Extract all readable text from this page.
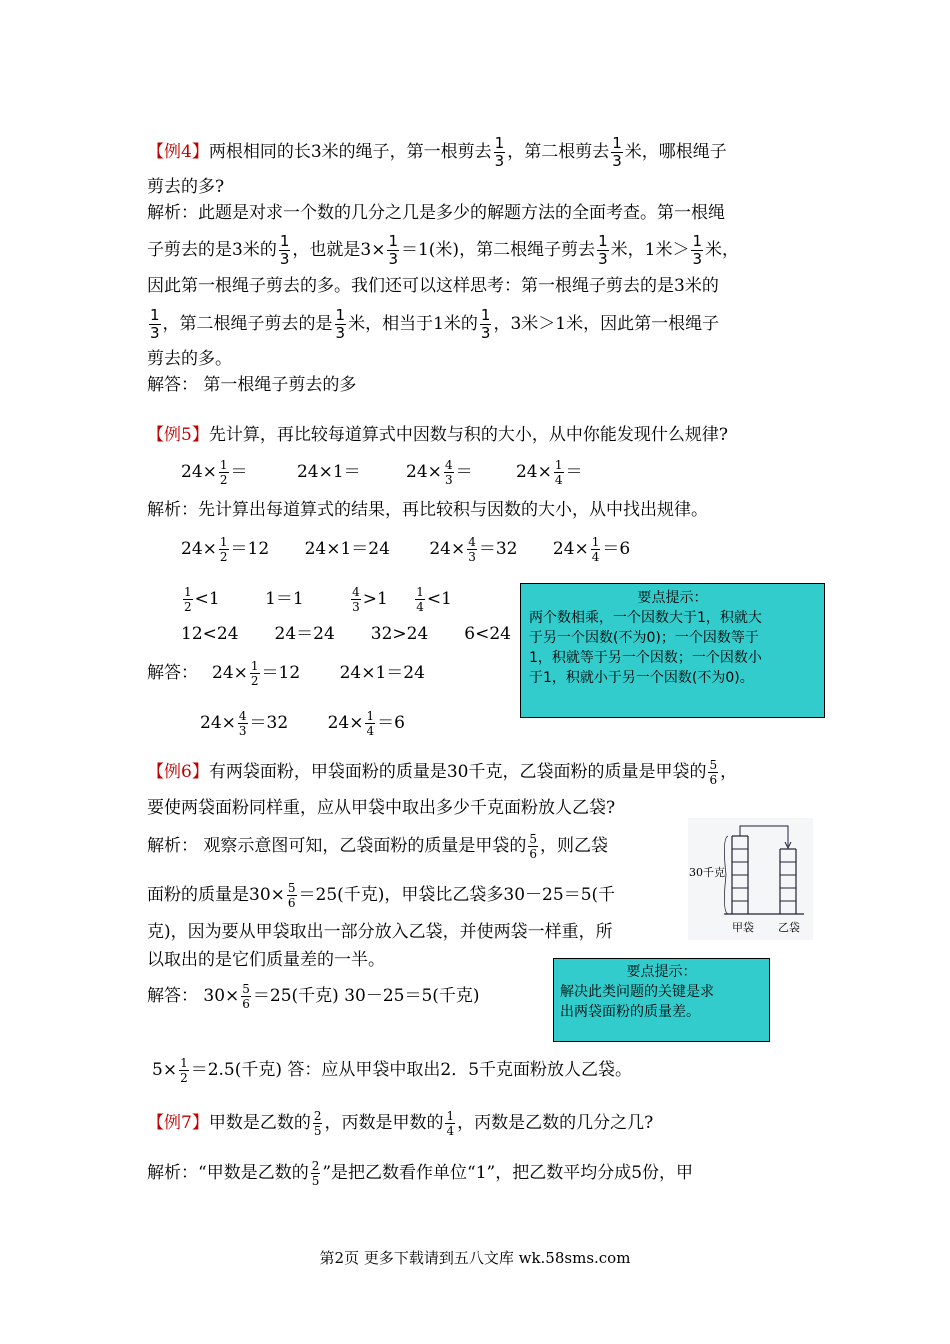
【例4】两根相同的长3米的绳子，第一根剪去 $\frac{1}{3}$ ，第二根剪去 $\frac{1}{3}$ 米，哪根绳子
剪去的多?
解析：此题是对求一个数的几分之几是多少的解题方法的全面考查。第一根绳
子剪去的是3米的 $\frac{1}{3}$ ，也就是$3\times \frac{1}{3} =1$(米)，第二根绳子剪去 $\frac{1}{3}$ 米，1米＞ $\frac{1}{3}$ 米，
因此第一根绳子剪去的多。我们还可以这样思考：第一根绳子剪去的是3米的
$\frac{1}{3}$ ，第二根绳子剪去的是 $\frac{1}{3}$ 米，相当于1米的 $\frac{1}{3}$ ，3米＞1米，因此第一根绳子
剪去的多。
解答： 第一根绳子剪去的多
【例5】先计算，再比较每道算式中因数与积的大小，从中你能发现什么规律?
$24\times \frac{1}{2}$ ＝	24×1＝	$24\times \frac{4}{3}$ ＝	$24\times \frac{1}{4}$ ＝
解析：先计算出每道算式的结果，再比较积与因数的大小，从中找出规律。
$24\times \frac{1}{2} =12$ 24×1＝24 $24\times \frac{4}{3} =32$ $24\times \frac{1}{4} =6$
$\frac{1}{2} <1$	1＝1	$\frac{4}{3} >1 \frac{1}{4} <1$
12<24 24＝24 32>24 6<24
解答： $24\times \frac{1}{2} =12$ 24×1＝24
$24\times \frac{4}{3} =32$ $24\times \frac{1}{4} =6$
要点提示：
两个数相乘，一个因数大于1，积就大
于另一个因数(不为0)；一个因数等于
1，积就等于另一个因数；一个因数小
于1，积就小于另一个因数(不为0)。
【例6】有两袋面粉，甲袋面粉的质量是30千克，乙袋面粉的质量是甲袋的 $\frac{5}{6}$ ，
要使两袋面粉同样重，应从甲袋中取出多少千克面粉放人乙袋?
解析： 观察示意图可知，乙袋面粉的质量是甲袋的 $\frac{5}{6}$ ，则乙袋
面粉的质量是$30\times \frac{5}{6} =25$(千克)，甲袋比乙袋多30－25＝5(千
克)，因为要从甲袋取出一部分放入乙袋，并使两袋一样重，所
以取出的是它们质量差的一半。
解答： $30\times \frac{5}{6} =25$(千克) 30－25＝5(千克)
$5\times \frac{1}{2} =2.5$(千克) 答：应从甲袋中取出2．5千克面粉放人乙袋。
30千克
甲袋 乙袋
要点提示：
解决此类问题的关键是求
出两袋面粉的质量差。
【例7】甲数是乙数的 $\frac{2}{5}$ ，丙数是甲数的 $\frac{1}{4}$ ，丙数是乙数的几分之几?
解析：“甲数是乙数的 $\frac{2}{5}$ ”是把乙数看作单位“1”，把乙数平均分成5份，甲
第2页 更多下载请到五八文库 wk.58sms.com
